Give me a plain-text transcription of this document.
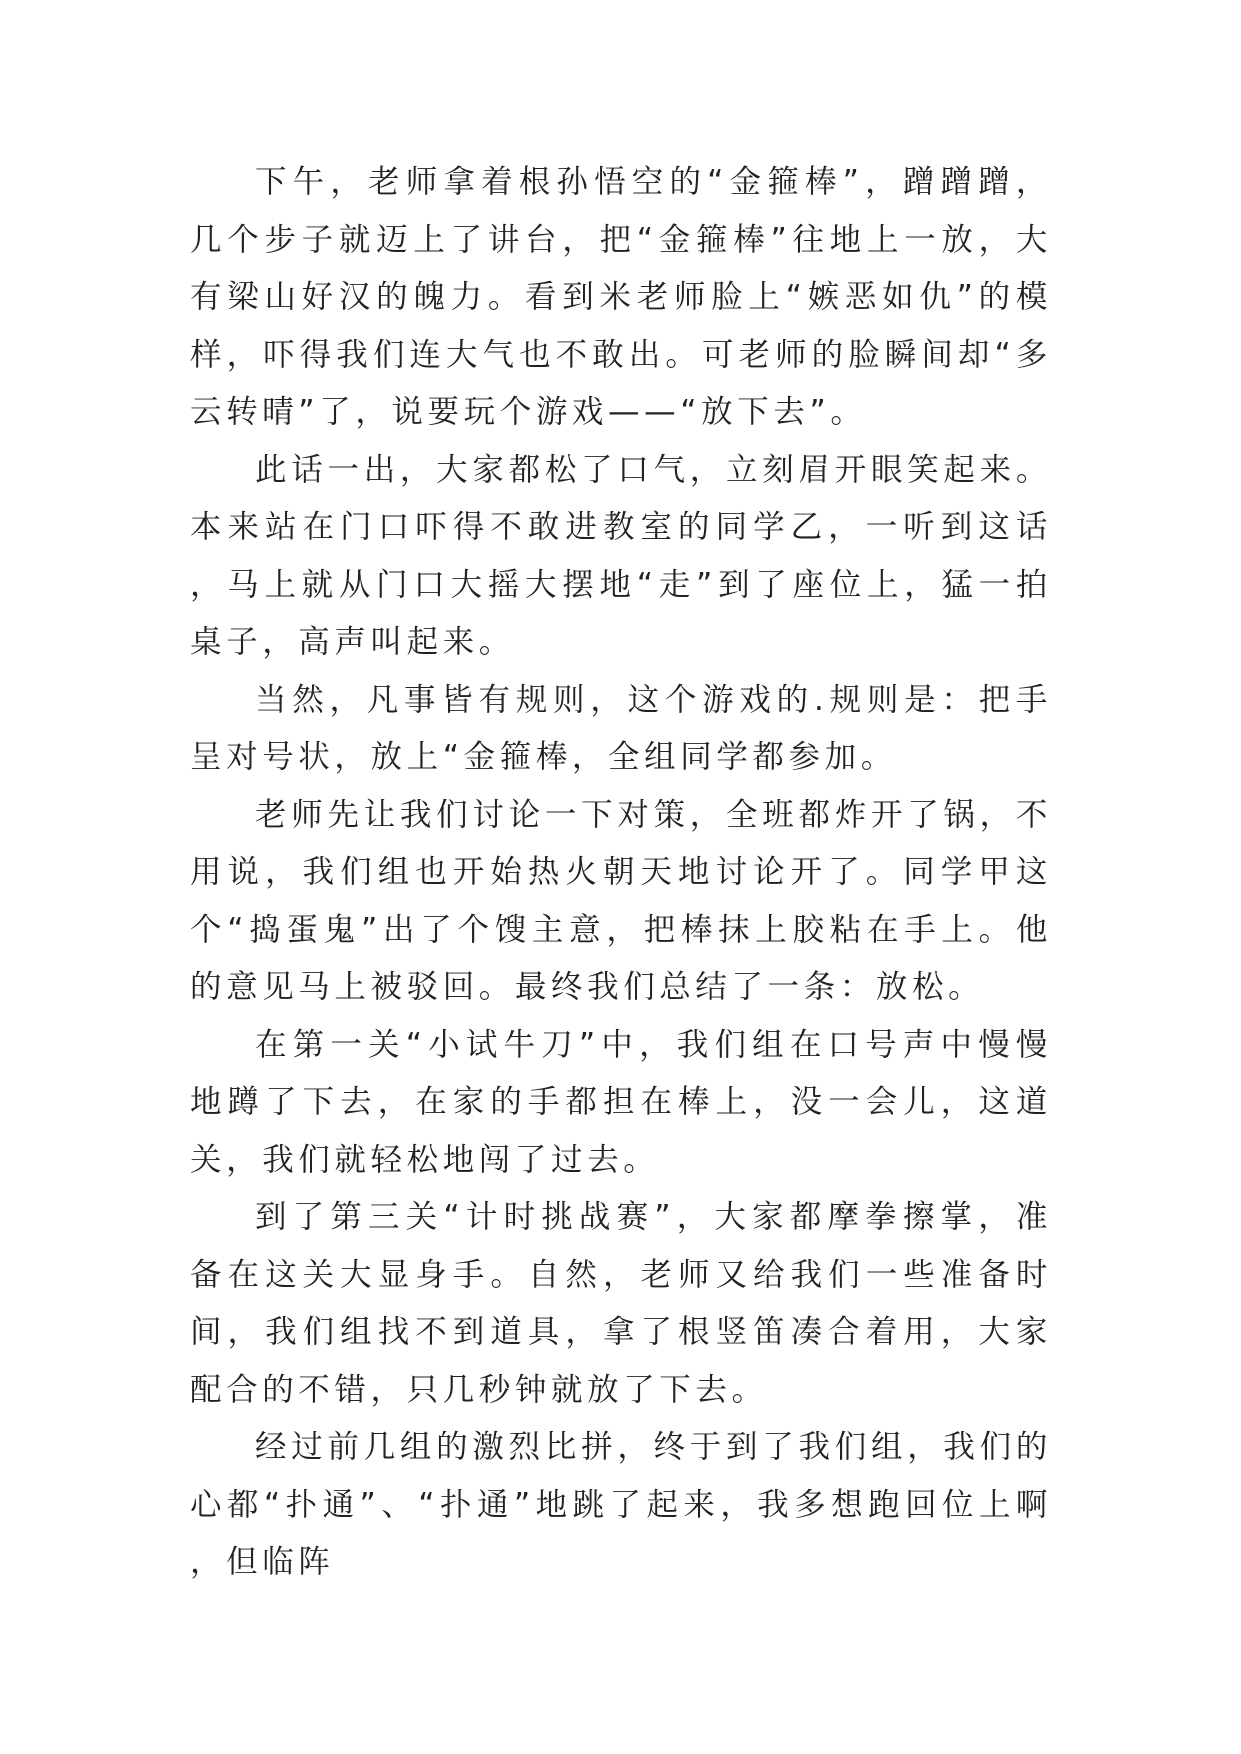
下午，老师拿着根孙悟空的“金箍棒”，蹭蹭蹭，几个步子就迈上了讲台，把“金箍棒”往地上一放，大有梁山好汉的魄力。看到米老师脸上“嫉恶如仇”的模样，吓得我们连大气也不敢出。可老师的脸瞬间却“多云转晴”了，说要玩个游戏——“放下去”。

此话一出，大家都松了口气，立刻眉开眼笑起来。本来站在门口吓得不敢进教室的同学乙，一听到这话，马上就从门口大摇大摆地“走”到了座位上，猛一拍桌子，高声叫起来。

当然，凡事皆有规则，这个游戏的.规则是：把手呈对号状，放上“金箍棒，全组同学都参加。

老师先让我们讨论一下对策，全班都炸开了锅，不用说，我们组也开始热火朝天地讨论开了。同学甲这个“捣蛋鬼”出了个馊主意，把棒抹上胶粘在手上。他的意见马上被驳回。最终我们总结了一条：放松。

在第一关“小试牛刀”中，我们组在口号声中慢慢地蹲了下去，在家的手都担在棒上，没一会儿，这道关，我们就轻松地闯了过去。

到了第三关“计时挑战赛”，大家都摩拳擦掌，准备在这关大显身手。自然，老师又给我们一些准备时间，我们组找不到道具，拿了根竖笛凑合着用，大家配合的不错，只几秒钟就放了下去。

经过前几组的激烈比拼，终于到了我们组，我们的心都“扑通”、“扑通”地跳了起来，我多想跑回位上啊，但临阵
